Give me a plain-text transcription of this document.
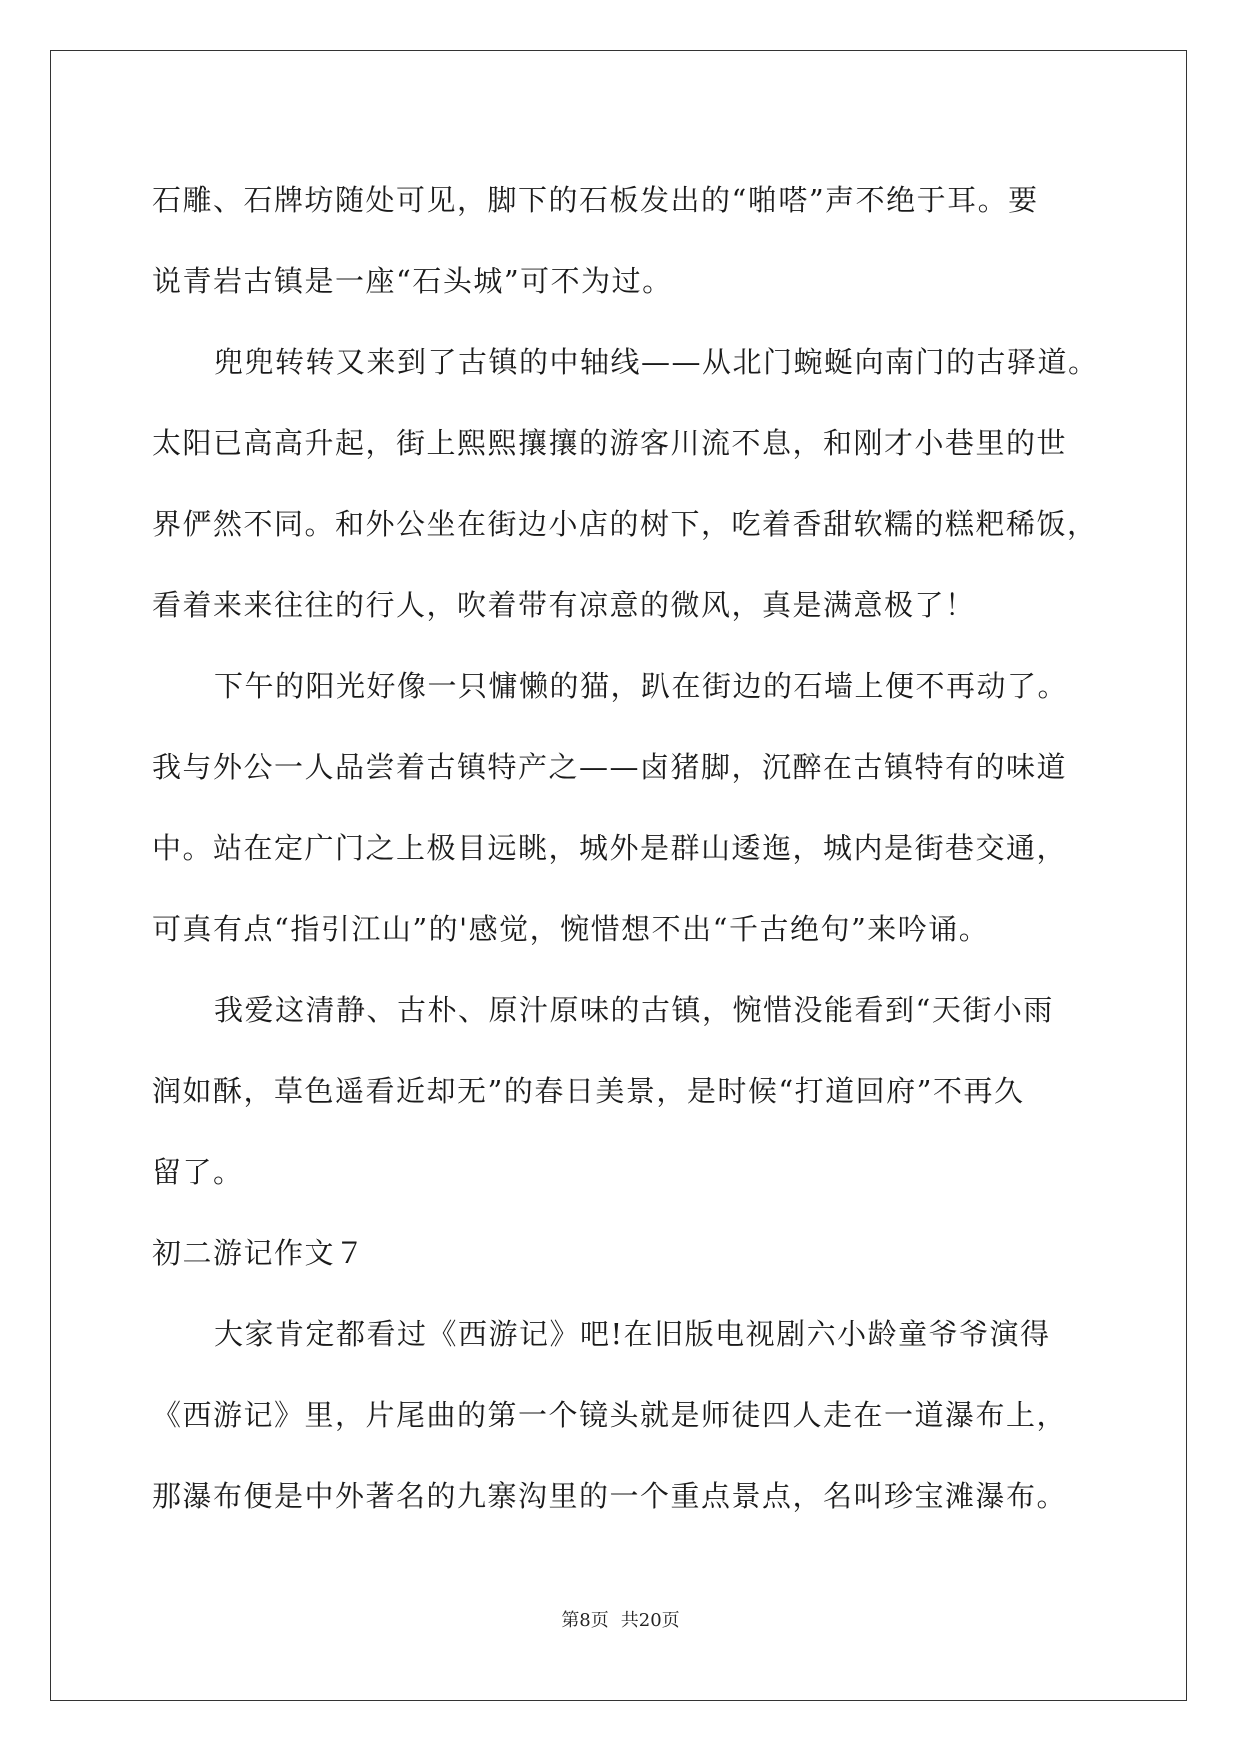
石雕、石牌坊随处可见，脚下的石板发出的“啪嗒”声不绝于耳。要
说青岩古镇是一座“石头城”可不为过。
兜兜转转又来到了古镇的中轴线——从北门蜿蜒向南门的古驿道。
太阳已高高升起，街上熙熙攘攘的游客川流不息，和刚才小巷里的世
界俨然不同。和外公坐在街边小店的树下，吃着香甜软糯的糕粑稀饭，
看着来来往往的行人，吹着带有凉意的微风，真是满意极了！
下午的阳光好像一只慵懒的猫，趴在街边的石墙上便不再动了。
我与外公一人品尝着古镇特产之——卤猪脚，沉醉在古镇特有的味道
中。站在定广门之上极目远眺，城外是群山逶迤，城内是街巷交通，
可真有点“指引江山”的'感觉，惋惜想不出“千古绝句”来吟诵。
我爱这清静、古朴、原汁原味的古镇，惋惜没能看到“天街小雨
润如酥，草色遥看近却无”的春日美景，是时候“打道回府”不再久
留了。
初二游记作文７
大家肯定都看过《西游记》吧!在旧版电视剧六小龄童爷爷演得
《西游记》里，片尾曲的第一个镜头就是师徒四人走在一道瀑布上，
那瀑布便是中外著名的九寨沟里的一个重点景点，名叫珍宝滩瀑布。
第8页 共20页
